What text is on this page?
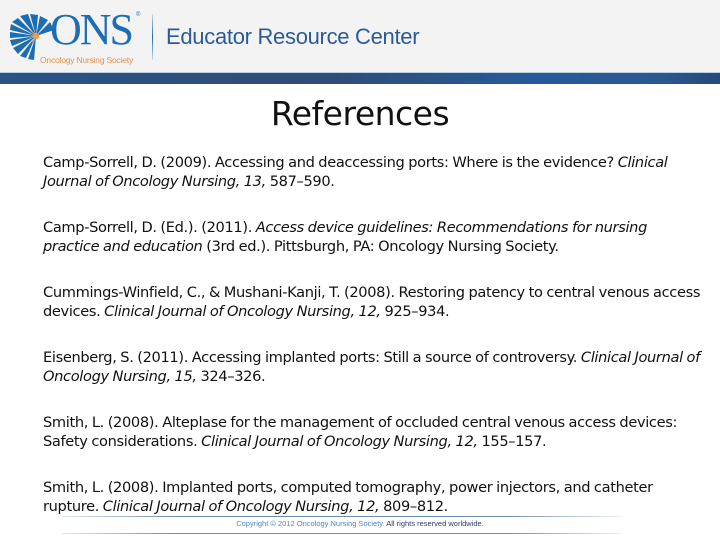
ONS ®
Oncology Nursing Society
Educator Resource Center
References

Camp-Sorrell, D. (2009). Accessing and deaccessing ports: Where is the evidence? Clinical Journal of Oncology Nursing, 13, 587–590.

Camp-Sorrell, D. (Ed.). (2011). Access device guidelines: Recommendations for nursing practice and education (3rd ed.). Pittsburgh, PA: Oncology Nursing Society.

Cummings-Winfield, C., & Mushani-Kanji, T. (2008). Restoring patency to central venous access devices. Clinical Journal of Oncology Nursing, 12, 925–934.

Eisenberg, S. (2011). Accessing implanted ports: Still a source of controversy. Clinical Journal of Oncology Nursing, 15, 324–326.

Smith, L. (2008). Alteplase for the management of occluded central venous access devices: Safety considerations. Clinical Journal of Oncology Nursing, 12, 155–157.

Smith, L. (2008). Implanted ports, computed tomography, power injectors, and catheter rupture. Clinical Journal of Oncology Nursing, 12, 809–812.

Copyright © 2012 Oncology Nursing Society. All rights reserved worldwide.
